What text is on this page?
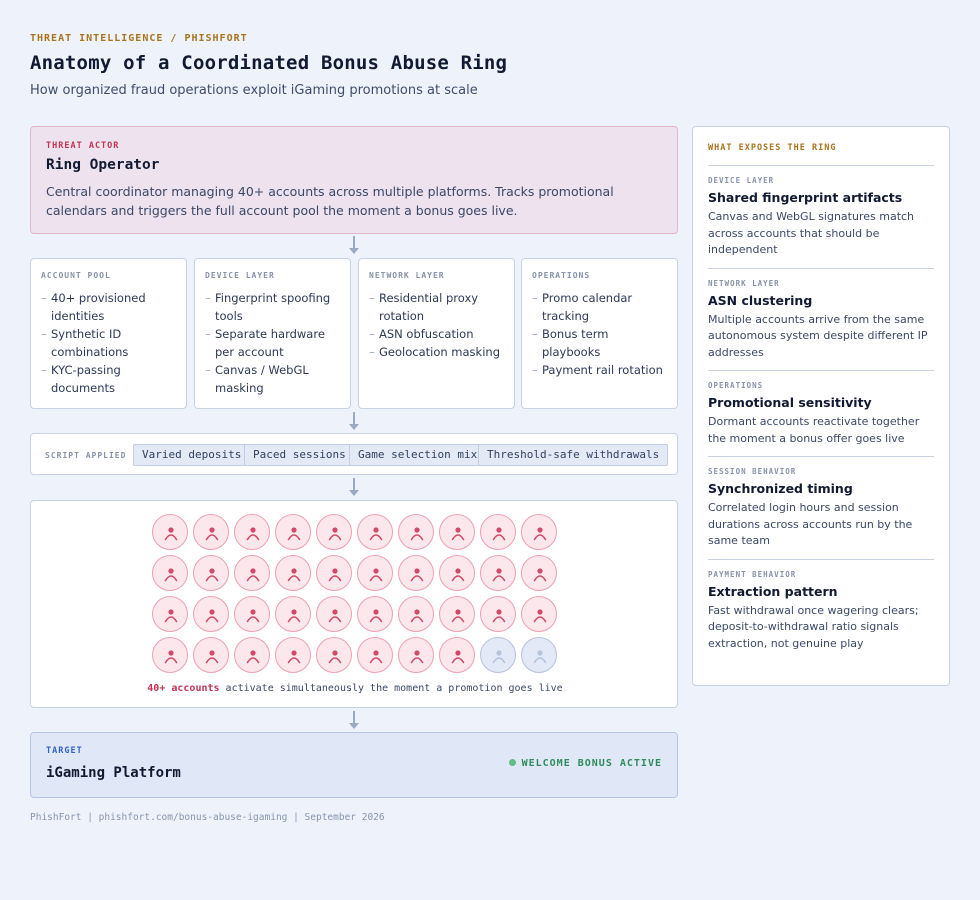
THREAT INTELLIGENCE / PHISHFORT
Anatomy of a Coordinated Bonus Abuse Ring
How organized fraud operations exploit iGaming promotions at scale
THREAT ACTOR
Ring Operator
Central coordinator managing 40+ accounts across multiple platforms. Tracks promotional calendars and triggers the full account pool the moment a bonus goes live.
ACCOUNT POOL
– 40+ provisioned identities
– Synthetic ID combinations
– KYC-passing documents
DEVICE LAYER
– Fingerprint spoofing tools
– Separate hardware per account
– Canvas / WebGL masking
NETWORK LAYER
– Residential proxy rotation
– ASN obfuscation
– Geolocation masking
OPERATIONS
– Promo calendar tracking
– Bonus term playbooks
– Payment rail rotation
SCRIPT APPLIED	Varied deposits	Paced sessions	Game selection mix Threshold-safe withdrawals
40+ accounts activate simultaneously the moment a promotion goes live
TARGET
iGaming Platform
WELCOME BONUS ACTIVE
PhishFort | phishfort.com/bonus-abuse-igaming | September 2026
WHAT EXPOSES THE RING
DEVICE LAYER
Shared fingerprint artifacts
Canvas and WebGL signatures match across accounts that should be independent
NETWORK LAYER
ASN clustering
Multiple accounts arrive from the same autonomous system despite different IP addresses
OPERATIONS
Promotional sensitivity
Dormant accounts reactivate together the moment a bonus offer goes live
SESSION BEHAVIOR
Synchronized timing
Correlated login hours and session durations across accounts run by the same team
PAYMENT BEHAVIOR
Extraction pattern
Fast withdrawal once wagering clears; deposit-to-withdrawal ratio signals extraction, not genuine play
